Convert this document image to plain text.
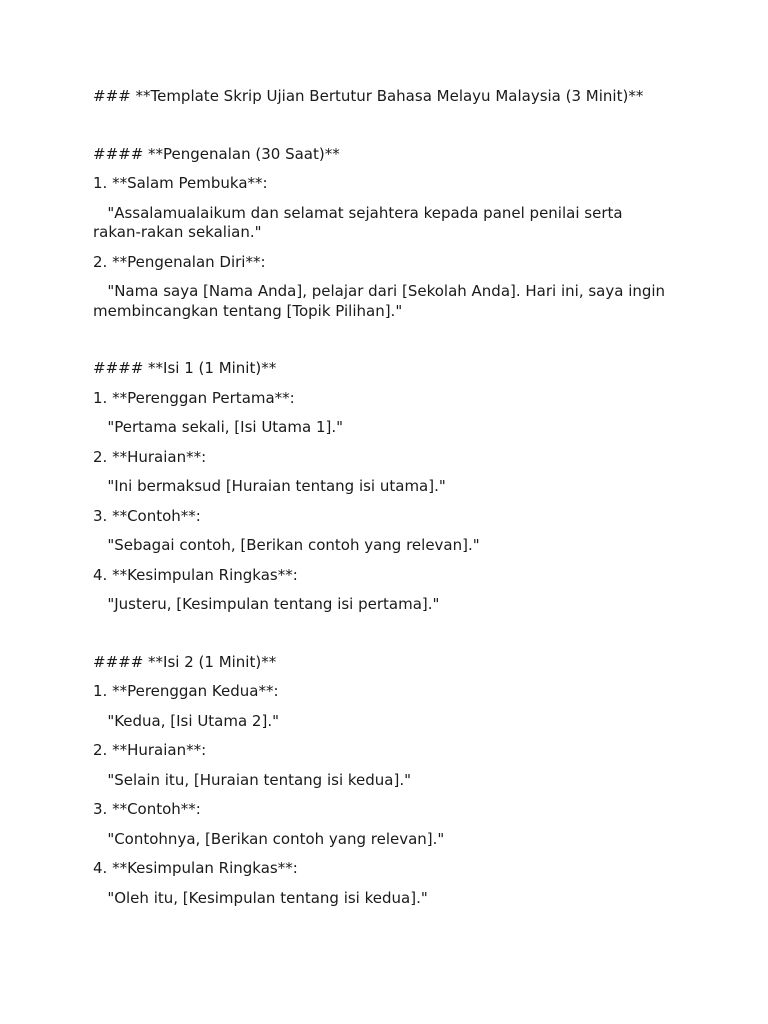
### **Template Skrip Ujian Bertutur Bahasa Melayu Malaysia (3 Minit)**

#### **Pengenalan (30 Saat)**

1. **Salam Pembuka**:

"Assalamualaikum dan selamat sejahtera kepada panel penilai serta rakan-rakan sekalian."

2. **Pengenalan Diri**:

"Nama saya [Nama Anda], pelajar dari [Sekolah Anda]. Hari ini, saya ingin membincangkan tentang [Topik Pilihan]."

#### **Isi 1 (1 Minit)**

1. **Perenggan Pertama**:

"Pertama sekali, [Isi Utama 1]."

2. **Huraian**:

"Ini bermaksud [Huraian tentang isi utama]."

3. **Contoh**:

"Sebagai contoh, [Berikan contoh yang relevan]."

4. **Kesimpulan Ringkas**:

"Justeru, [Kesimpulan tentang isi pertama]."

#### **Isi 2 (1 Minit)**

1. **Perenggan Kedua**:

"Kedua, [Isi Utama 2]."

2. **Huraian**:

"Selain itu, [Huraian tentang isi kedua]."

3. **Contoh**:

"Contohnya, [Berikan contoh yang relevan]."

4. **Kesimpulan Ringkas**:

"Oleh itu, [Kesimpulan tentang isi kedua]."
